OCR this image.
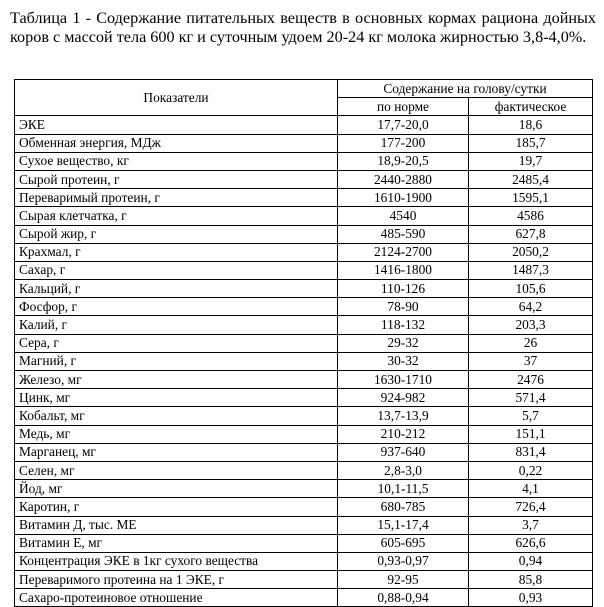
Таблица 1 - Содержание питательных веществ в основных кормах рациона дойных коров с массой тела 600 кг и суточным удоем 20-24 кг молока жирностью 3,8-4,0%.
Показатели	Содержание на голову/сутки	
	по норме	фактическое
ЭКЕ	17,7-20,0	18,6
Обменная энергия, МДж	177-200	185,7
Сухое вещество, кг	18,9-20,5	19,7
Сырой протеин, г	2440-2880	2485,4
Переваримый протеин, г	1610-1900	1595,1
Сырая клетчатка, г	4540	4586
Сырой жир, г	485-590	627,8
Крахмал, г	2124-2700	2050,2
Сахар, г	1416-1800	1487,3
Кальций, г	110-126	105,6
Фосфор, г	78-90	64,2
Калий, г	118-132	203,3
Сера, г	29-32	26
Магний, г	30-32	37
Железо, мг	1630-1710	2476
Цинк, мг	924-982	571,4
Кобальт, мг	13,7-13,9	5,7
Медь, мг	210-212	151,1
Марганец, мг	937-640	831,4
Селен, мг	2,8-3,0	0,22
Йод, мг	10,1-11,5	4,1
Каротин, г	680-785	726,4
Витамин Д, тыс. МЕ	15,1-17,4	3,7
Витамин Е, мг	605-695	626,6
Концентрация ЭКЕ в 1кг сухого вещества	0,93-0,97	0,94
Переваримого протеина на 1 ЭКЕ, г	92-95	85,8
Сахаро-протеиновое отношение	0,88-0,94	0,93
